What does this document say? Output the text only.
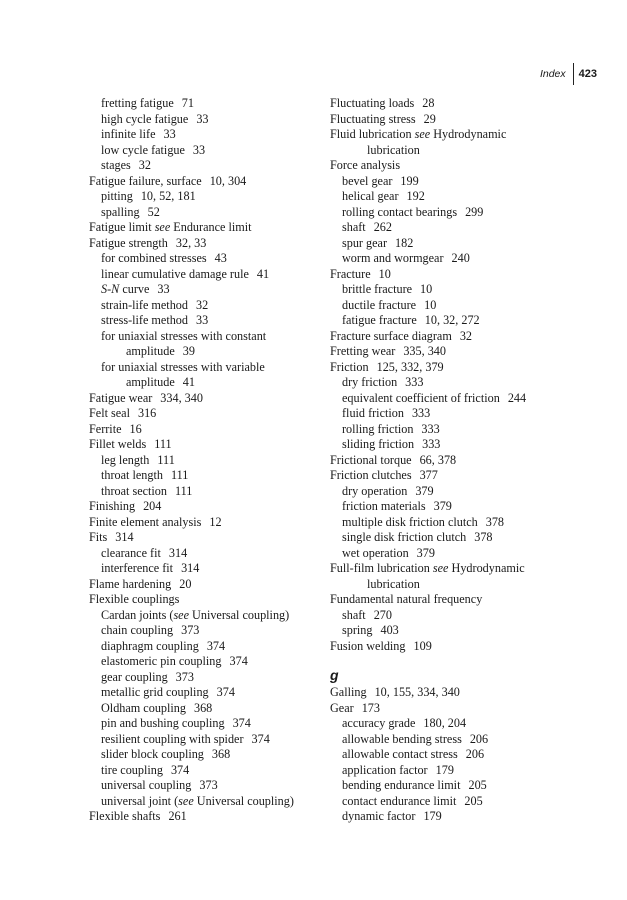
Index 423
fretting fatigue 71
high cycle fatigue 33
infinite life 33
low cycle fatigue 33
stages 32
Fatigue failure, surface 10, 304
pitting 10, 52, 181
spalling 52
Fatigue limit see Endurance limit
Fatigue strength 32, 33
for combined stresses 43
linear cumulative damage rule 41
S-N curve 33
strain-life method 32
stress-life method 33
for uniaxial stresses with constant
amplitude 39
for uniaxial stresses with variable
amplitude 41
Fatigue wear 334, 340
Felt seal 316
Ferrite 16
Fillet welds 111
leg length 111
throat length 111
throat section 111
Finishing 204
Finite element analysis 12
Fits 314
clearance fit 314
interference fit 314
Flame hardening 20
Flexible couplings
Cardan joints (see Universal coupling)
chain coupling 373
diaphragm coupling 374
elastomeric pin coupling 374
gear coupling 373
metallic grid coupling 374
Oldham coupling 368
pin and bushing coupling 374
resilient coupling with spider 374
slider block coupling 368
tire coupling 374
universal coupling 373
universal joint (see Universal coupling)
Flexible shafts 261
Fluctuating loads 28
Fluctuating stress 29
Fluid lubrication see Hydrodynamic
lubrication
Force analysis
bevel gear 199
helical gear 192
rolling contact bearings 299
shaft 262
spur gear 182
worm and wormgear 240
Fracture 10
brittle fracture 10
ductile fracture 10
fatigue fracture 10, 32, 272
Fracture surface diagram 32
Fretting wear 335, 340
Friction 125, 332, 379
dry friction 333
equivalent coefficient of friction 244
fluid friction 333
rolling friction 333
sliding friction 333
Frictional torque 66, 378
Friction clutches 377
dry operation 379
friction materials 379
multiple disk friction clutch 378
single disk friction clutch 378
wet operation 379
Full-film lubrication see Hydrodynamic
lubrication
Fundamental natural frequency
shaft 270
spring 403
Fusion welding 109
g
Galling 10, 155, 334, 340
Gear 173
accuracy grade 180, 204
allowable bending stress 206
allowable contact stress 206
application factor 179
bending endurance limit 205
contact endurance limit 205
dynamic factor 179
